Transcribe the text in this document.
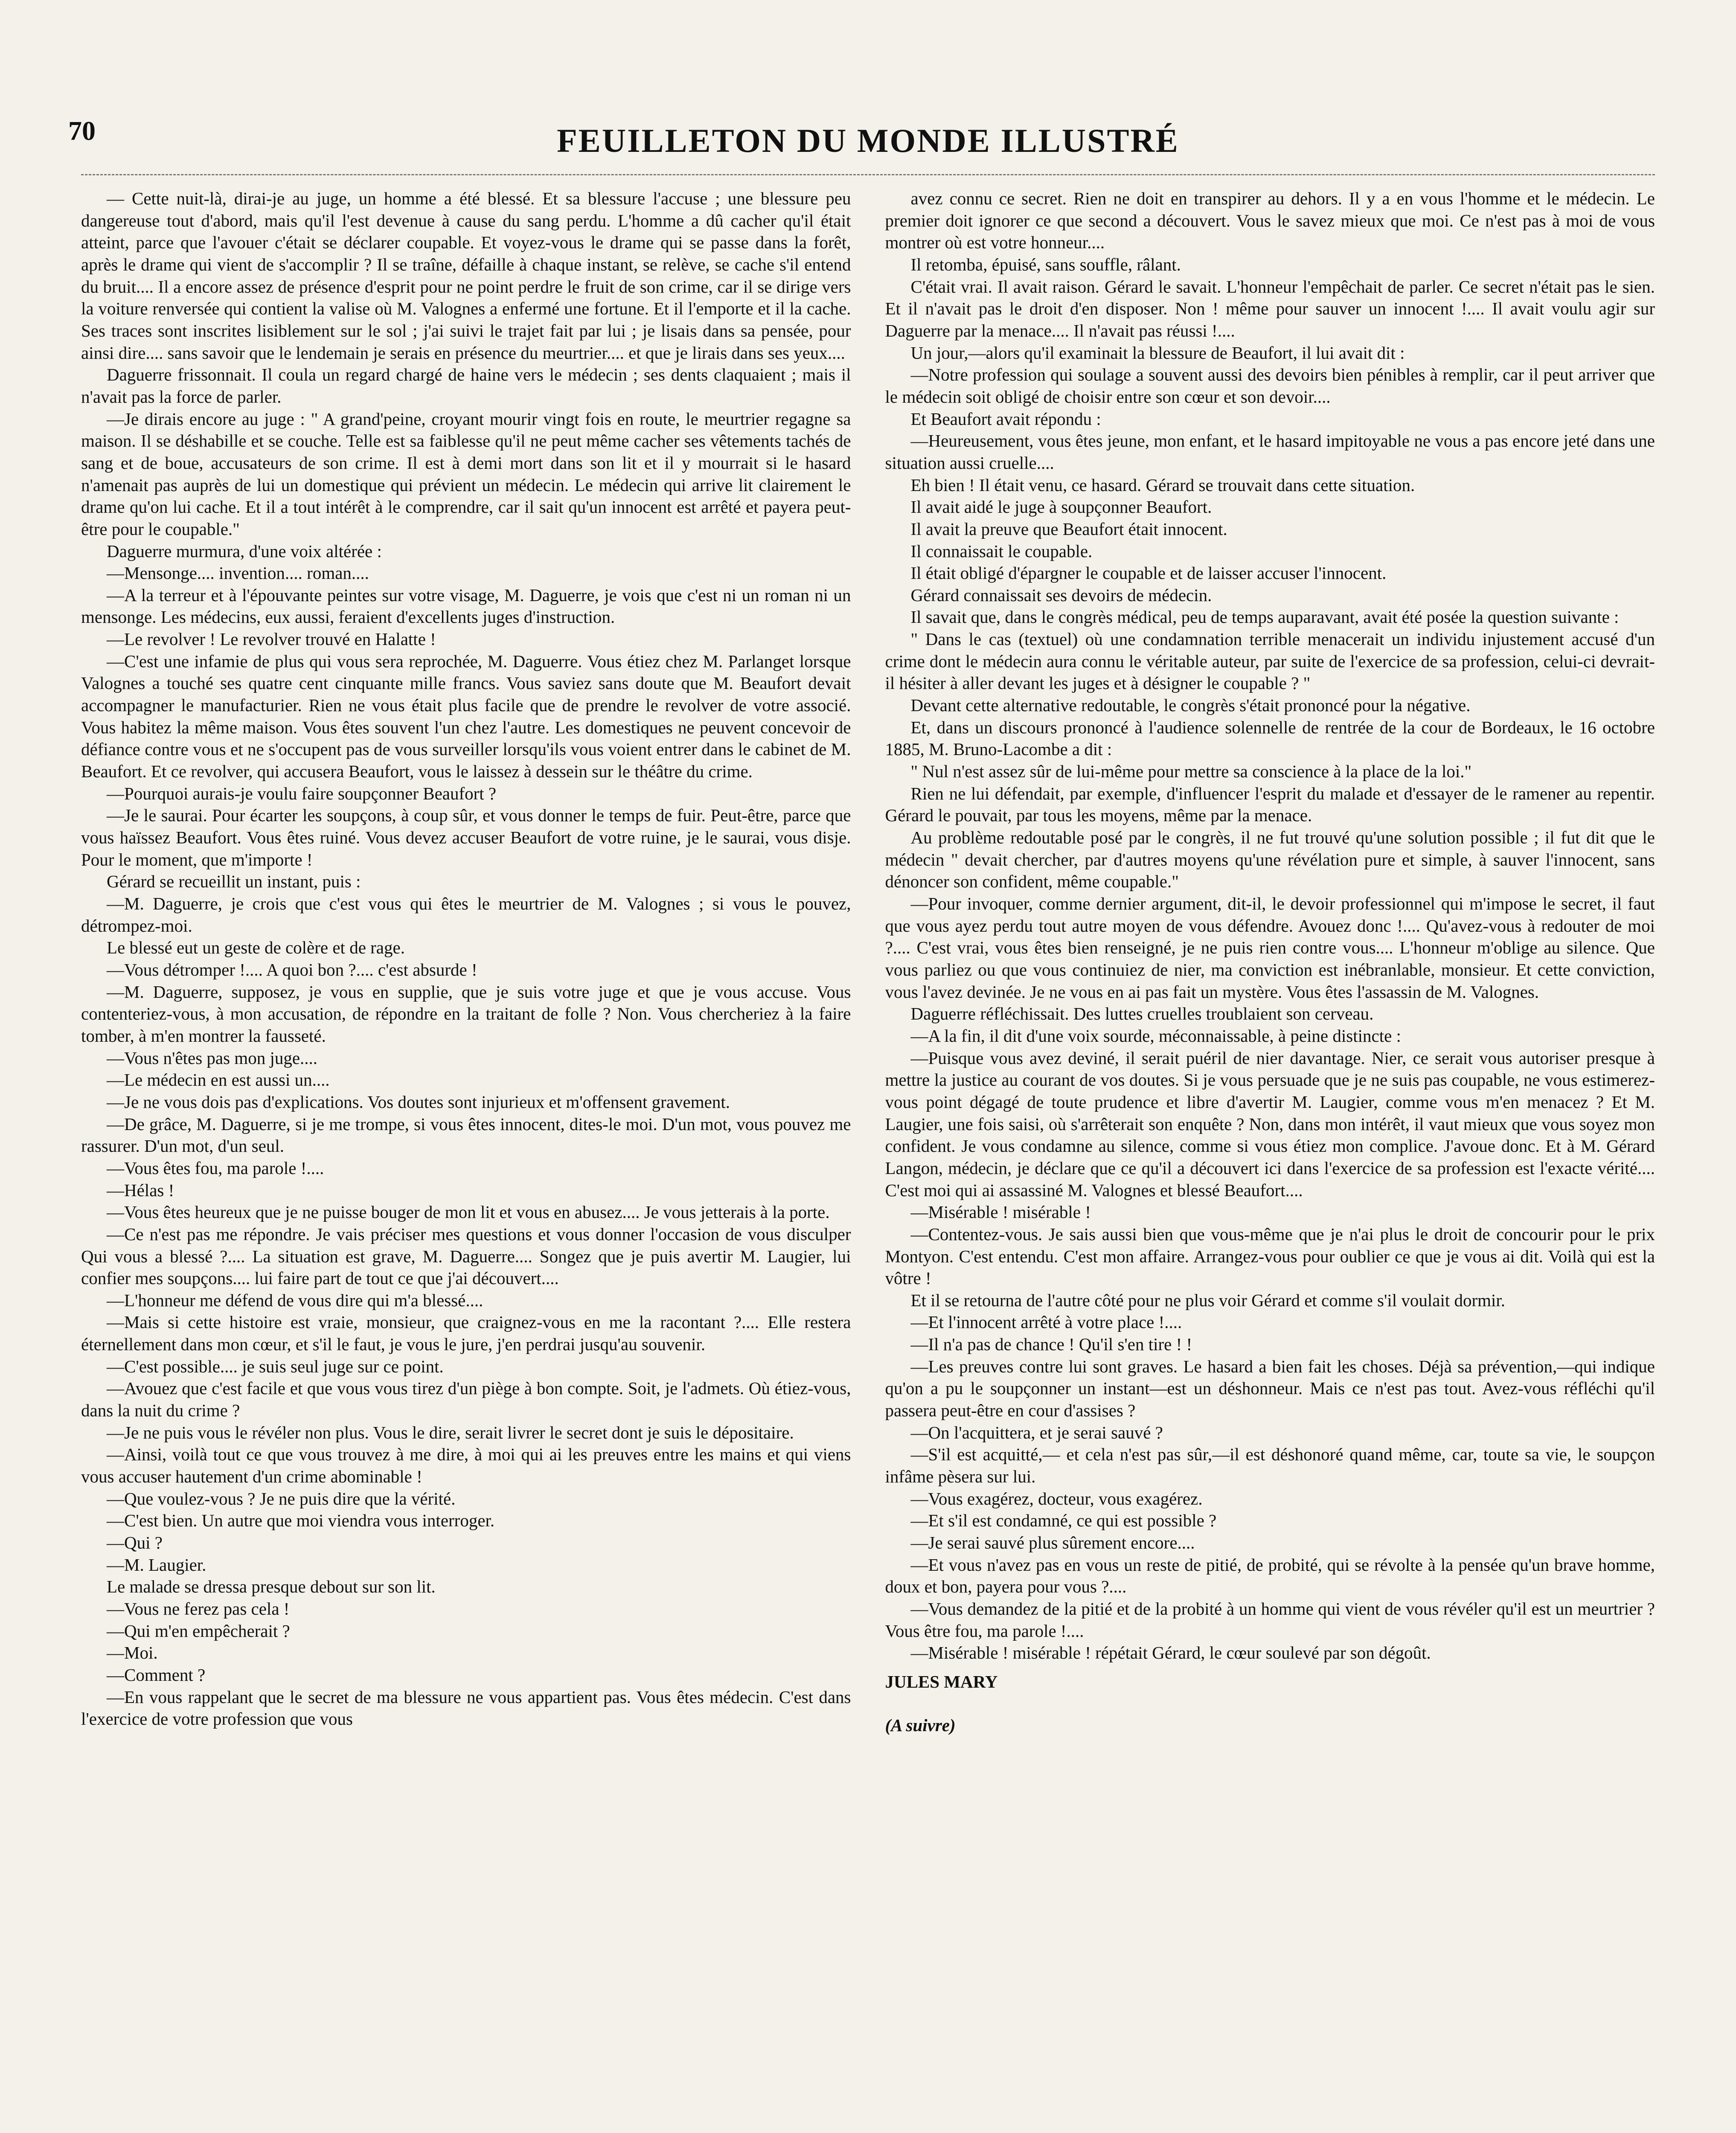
70	FEUILLETON DU MONDE ILLUSTRÉ

— Cette nuit-là, dirai-je au juge, un homme a été blessé. Et sa blessure l'accuse ; une blessure peu dangereuse tout d'abord, mais qu'il l'est devenue à cause du sang perdu. L'homme a dû cacher qu'il était atteint, parce que l'avouer c'était se déclarer coupable. Et voyez-vous le drame qui se passe dans la forêt, après le drame qui vient de s'accomplir ? Il se traîne, défaille à chaque instant, se relève, se cache s'il entend du bruit.... Il a encore assez de présence d'esprit pour ne point perdre le fruit de son crime, car il se dirige vers la voiture renversée qui contient la valise où M. Valognes a enfermé une fortune. Et il l'emporte et il la cache. Ses traces sont inscrites lisiblement sur le sol ; j'ai suivi le trajet fait par lui ; je lisais dans sa pensée, pour ainsi dire.... sans savoir que le lendemain je serais en présence du meurtrier.... et que je lirais dans ses yeux....

Daguerre frissonnait. Il coula un regard chargé de haine vers le médecin ; ses dents claquaient ; mais il n'avait pas la force de parler.

—Je dirais encore au juge : " A grand'peine, croyant mourir vingt fois en route, le meurtrier regagne sa maison. Il se déshabille et se couche. Telle est sa faiblesse qu'il ne peut même cacher ses vêtements tachés de sang et de boue, accusateurs de son crime. Il est à demi mort dans son lit et il y mourrait si le hasard n'amenait pas auprès de lui un domestique qui prévient un médecin. Le médecin qui arrive lit clairement le drame qu'on lui cache. Et il a tout intérêt à le comprendre, car il sait qu'un innocent est arrêté et payera peut-être pour le coupable."

Daguerre murmura, d'une voix altérée :

—Mensonge.... invention.... roman....

—A la terreur et à l'épouvante peintes sur votre visage, M. Daguerre, je vois que c'est ni un roman ni un mensonge. Les médecins, eux aussi, feraient d'excellents juges d'instruction.

—Le revolver ! Le revolver trouvé en Halatte !

—C'est une infamie de plus qui vous sera reprochée, M. Daguerre. Vous étiez chez M. Parlanget lorsque Valognes a touché ses quatre cent cinquante mille francs. Vous saviez sans doute que M. Beaufort devait accompagner le manufacturier. Rien ne vous était plus facile que de prendre le revolver de votre associé. Vous habitez la même maison. Vous êtes souvent l'un chez l'autre. Les domestiques ne peuvent concevoir de défiance contre vous et ne s'occupent pas de vous surveiller lorsqu'ils vous voient entrer dans le cabinet de M. Beaufort. Et ce revolver, qui accusera Beaufort, vous le laissez à dessein sur le théâtre du crime.

—Pourquoi aurais-je voulu faire soupçonner Beaufort ?

—Je le saurai. Pour écarter les soupçons, à coup sûr, et vous donner le temps de fuir. Peut-être, parce que vous haïssez Beaufort. Vous êtes ruiné. Vous devez accuser Beaufort de votre ruine, je le saurai, vous disje. Pour le moment, que m'importe !

Gérard se recueillit un instant, puis :

—M. Daguerre, je crois que c'est vous qui êtes le meurtrier de M. Valognes ; si vous le pouvez, détrompez-moi.

Le blessé eut un geste de colère et de rage.

—Vous détromper !.... A quoi bon ?.... c'est absurde !

—M. Daguerre, supposez, je vous en supplie, que je suis votre juge et que je vous accuse. Vous contenteriez-vous, à mon accusation, de répondre en la traitant de folle ? Non. Vous chercheriez à la faire tomber, à m'en montrer la fausseté.

—Vous n'êtes pas mon juge....

—Le médecin en est aussi un....

—Je ne vous dois pas d'explications. Vos doutes sont injurieux et m'offensent gravement.

—De grâce, M. Daguerre, si je me trompe, si vous êtes innocent, dites-le moi. D'un mot, vous pouvez me rassurer. D'un mot, d'un seul.

—Vous êtes fou, ma parole !....

—Hélas !

—Vous êtes heureux que je ne puisse bouger de mon lit et vous en abusez.... Je vous jetterais à la porte.

—Ce n'est pas me répondre. Je vais préciser mes questions et vous donner l'occasion de vous disculper Qui vous a blessé ?.... La situation est grave, M. Daguerre.... Songez que je puis avertir M. Laugier, lui confier mes soupçons.... lui faire part de tout ce que j'ai découvert....

—L'honneur me défend de vous dire qui m'a blessé....

—Mais si cette histoire est vraie, monsieur, que craignez-vous en me la racontant ?.... Elle restera éternellement dans mon cœur, et s'il le faut, je vous le jure, j'en perdrai jusqu'au souvenir.

—C'est possible.... je suis seul juge sur ce point.

—Avouez que c'est facile et que vous vous tirez d'un piège à bon compte. Soit, je l'admets. Où étiez-vous, dans la nuit du crime ?

—Je ne puis vous le révéler non plus. Vous le dire, serait livrer le secret dont je suis le dépositaire.

—Ainsi, voilà tout ce que vous trouvez à me dire, à moi qui ai les preuves entre les mains et qui viens vous accuser hautement d'un crime abominable !

—Que voulez-vous ? Je ne puis dire que la vérité.

—C'est bien. Un autre que moi viendra vous interroger.

—Qui ?

—M. Laugier.

Le malade se dressa presque debout sur son lit.

—Vous ne ferez pas cela !

—Qui m'en empêcherait ?

—Moi.

—Comment ?

—En vous rappelant que le secret de ma blessure ne vous appartient pas. Vous êtes médecin. C'est dans l'exercice de votre profession que vous

avez connu ce secret. Rien ne doit en transpirer au dehors. Il y a en vous l'homme et le médecin. Le premier doit ignorer ce que second a découvert. Vous le savez mieux que moi. Ce n'est pas à moi de vous montrer où est votre honneur....

Il retomba, épuisé, sans souffle, râlant.

C'était vrai. Il avait raison. Gérard le savait. L'honneur l'empêchait de parler. Ce secret n'était pas le sien. Et il n'avait pas le droit d'en disposer. Non ! même pour sauver un innocent !.... Il avait voulu agir sur Daguerre par la menace.... Il n'avait pas réussi !....

Un jour,—alors qu'il examinait la blessure de Beaufort, il lui avait dit :

—Notre profession qui soulage a souvent aussi des devoirs bien pénibles à remplir, car il peut arriver que le médecin soit obligé de choisir entre son cœur et son devoir....

Et Beaufort avait répondu :

—Heureusement, vous êtes jeune, mon enfant, et le hasard impitoyable ne vous a pas encore jeté dans une situation aussi cruelle....

Eh bien ! Il était venu, ce hasard. Gérard se trouvait dans cette situation.

Il avait aidé le juge à soupçonner Beaufort.

Il avait la preuve que Beaufort était innocent.

Il connaissait le coupable.

Il était obligé d'épargner le coupable et de laisser accuser l'innocent.

Gérard connaissait ses devoirs de médecin.

Il savait que, dans le congrès médical, peu de temps auparavant, avait été posée la question suivante :

" Dans le cas (textuel) où une condamnation terrible menacerait un individu injustement accusé d'un crime dont le médecin aura connu le véritable auteur, par suite de l'exercice de sa profession, celui-ci devrait-il hésiter à aller devant les juges et à désigner le coupable ? "

Devant cette alternative redoutable, le congrès s'était prononcé pour la négative.

Et, dans un discours prononcé à l'audience solennelle de rentrée de la cour de Bordeaux, le 16 octobre 1885, M. Bruno-Lacombe a dit :

" Nul n'est assez sûr de lui-même pour mettre sa conscience à la place de la loi."

Rien ne lui défendait, par exemple, d'influencer l'esprit du malade et d'essayer de le ramener au repentir. Gérard le pouvait, par tous les moyens, même par la menace.

Au problème redoutable posé par le congrès, il ne fut trouvé qu'une solution possible ; il fut dit que le médecin " devait chercher, par d'autres moyens qu'une révélation pure et simple, à sauver l'innocent, sans dénoncer son confident, même coupable."

—Pour invoquer, comme dernier argument, dit-il, le devoir professionnel qui m'impose le secret, il faut que vous ayez perdu tout autre moyen de vous défendre. Avouez donc !.... Qu'avez-vous à redouter de moi ?.... C'est vrai, vous êtes bien renseigné, je ne puis rien contre vous.... L'honneur m'oblige au silence. Que vous parliez ou que vous continuiez de nier, ma conviction est inébranlable, monsieur. Et cette conviction, vous l'avez devinée. Je ne vous en ai pas fait un mystère. Vous êtes l'assassin de M. Valognes.

Daguerre réfléchissait. Des luttes cruelles troublaient son cerveau.

—A la fin, il dit d'une voix sourde, méconnaissable, à peine distincte :

—Puisque vous avez deviné, il serait puéril de nier davantage. Nier, ce serait vous autoriser presque à mettre la justice au courant de vos doutes. Si je vous persuade que je ne suis pas coupable, ne vous estimerez-vous point dégagé de toute prudence et libre d'avertir M. Laugier, comme vous m'en menacez ? Et M. Laugier, une fois saisi, où s'arrêterait son enquête ? Non, dans mon intérêt, il vaut mieux que vous soyez mon confident. Je vous condamne au silence, comme si vous étiez mon complice. J'avoue donc. Et à M. Gérard Langon, médecin, je déclare que ce qu'il a découvert ici dans l'exercice de sa profession est l'exacte vérité.... C'est moi qui ai assassiné M. Valognes et blessé Beaufort....

—Misérable ! misérable !

—Contentez-vous. Je sais aussi bien que vous-même que je n'ai plus le droit de concourir pour le prix Montyon. C'est entendu. C'est mon affaire. Arrangez-vous pour oublier ce que je vous ai dit. Voilà qui est la vôtre !

Et il se retourna de l'autre côté pour ne plus voir Gérard et comme s'il voulait dormir.

—Et l'innocent arrêté à votre place !....

—Il n'a pas de chance ! Qu'il s'en tire ! !

—Les preuves contre lui sont graves. Le hasard a bien fait les choses. Déjà sa prévention,—qui indique qu'on a pu le soupçonner un instant—est un déshonneur. Mais ce n'est pas tout. Avez-vous réfléchi qu'il passera peut-être en cour d'assises ?

—On l'acquittera, et je serai sauvé ?

—S'il est acquitté,— et cela n'est pas sûr,—il est déshonoré quand même, car, toute sa vie, le soupçon infâme pèsera sur lui.

—Vous exagérez, docteur, vous exagérez.

—Et s'il est condamné, ce qui est possible ?

—Je serai sauvé plus sûrement encore....

—Et vous n'avez pas en vous un reste de pitié, de probité, qui se révolte à la pensée qu'un brave homme, doux et bon, payera pour vous ?....

—Vous demandez de la pitié et de la probité à un homme qui vient de vous révéler qu'il est un meurtrier ? Vous être fou, ma parole !....

—Misérable ! misérable ! répétait Gérard, le cœur soulevé par son dégoût.

JULES MARY

(A suivre)
